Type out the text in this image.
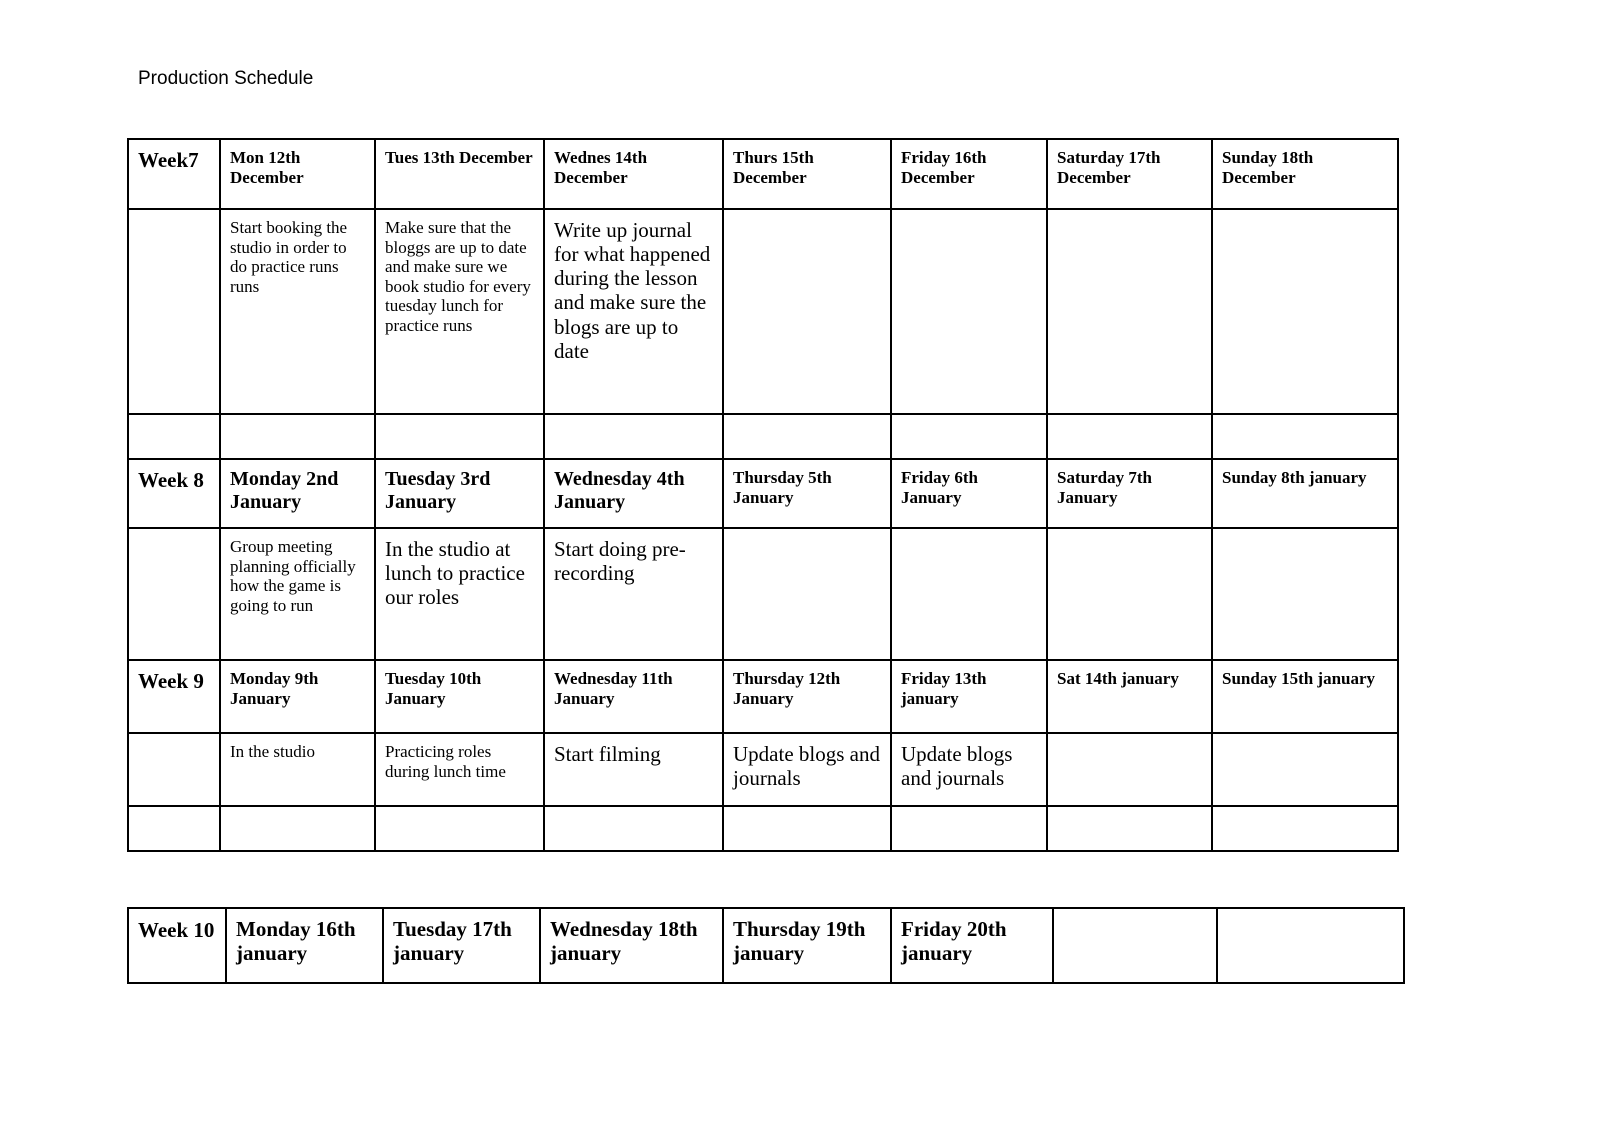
Production Schedule
Week7	Mon 12th December	Tues 13th December	Wednes 14th December	Thurs 15th December	Friday 16th December	Saturday 17th December	Sunday 18th December
	Start booking the studio in order to do practice runs runs	Make sure that the bloggs are up to date and make sure we book studio for every tuesday lunch for practice runs	Write up journal for what happened during the lesson and make sure the blogs are up to date				

Week 8	Monday 2nd January	Tuesday 3rd January	Wednesday 4th January	Thursday 5th January	Friday 6th January	Saturday 7th January	Sunday 8th january
	Group meeting planning officially how the game is going to run	In the studio at lunch to practice our roles	Start doing pre-recording				
Week 9	Monday 9th January	Tuesday 10th January	Wednesday 11th January	Thursday 12th January	Friday 13th january	Sat 14th january	Sunday 15th january
	In the studio	Practicing roles during lunch time	Start filming	Update blogs and journals	Update blogs and journals		

Week 10	Monday 16th january	Tuesday 17th january	Wednesday 18th january	Thursday 19th january	Friday 20th january		
